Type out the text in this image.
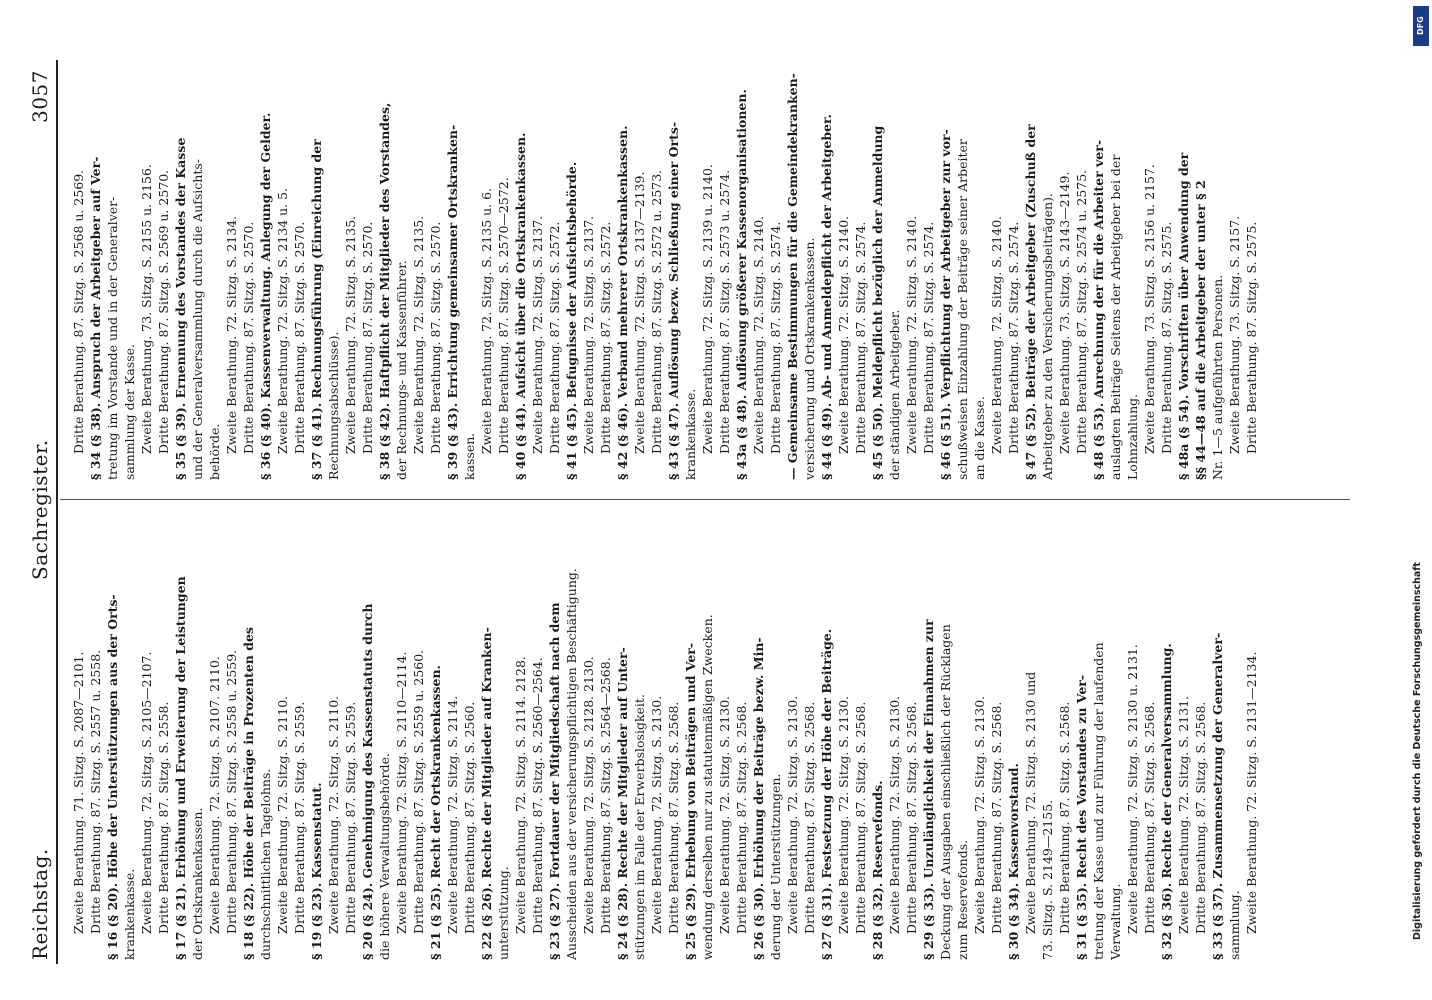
Reichstag.
Sachregister.
3057
Zweite Berathung. 71. Sitzg. S. 2087—2101. Dritte Berathung. 87. Sitzg. S. 2557 u. 2558. § 16 (§ 20). Höhe der Unterstützungen aus der Orts- krankenkasse. Zweite Berathung. 72. Sitzg. S. 2105—2107. Dritte Berathung. 87. Sitzg. S. 2558. § 17 (§ 21). Erhöhung und Erweiterung der Leistungen der Ortskrankenkassen. Zweite Berathung. 72. Sitzg. S. 2107. 2110. Dritte Berathung. 87. Sitzg. S. 2558 u. 2559. § 18 (§ 22). Höhe der Beiträge in Prozenten des durchschnittlichen Tagelohns. Zweite Berathung. 72. Sitzg. S. 2110. Dritte Berathung. 87. Sitzg. S. 2559. § 19 (§ 23). Kassenstatut. Zweite Berathung. 72. Sitzg. S. 2110. Dritte Berathung. 87. Sitzg. S. 2559. § 20 (§ 24). Genehmigung des Kassenstatuts durch die höhere Verwaltungsbehörde. Zweite Berathung. 72. Sitzg. S. 2110—2114. Dritte Berathung. 87. Sitzg. S. 2559 u. 2560. § 21 (§ 25). Recht der Ortskrankenkassen. Zweite Berathung. 72. Sitzg. S. 2114. Dritte Berathung. 87. Sitzg. S. 2560. § 22 (§ 26). Rechte der Mitglieder auf Kranken- unterstützung. Zweite Berathung. 72. Sitzg. S. 2114. 2128. Dritte Berathung. 87. Sitzg. S. 2560—2564. § 23 (§ 27). Fortdauer der Mitgliedschaft nach dem Ausscheiden aus der versicherungspflichtigen Beschäftigung. Zweite Berathung. 72. Sitzg. S. 2128. 2130. Dritte Berathung. 87. Sitzg. S. 2564—2568. § 24 (§ 28). Rechte der Mitglieder auf Unter- stützungen im Falle der Erwerbslosigkeit. Zweite Berathung. 72. Sitzg. S. 2130. Dritte Berathung. 87. Sitzg. S. 2568. § 25 (§ 29). Erhebung von Beiträgen und Ver- wendung derselben nur zu statutenmäßigen Zwecken. Zweite Berathung. 72. Sitzg. S. 2130. Dritte Berathung. 87. Sitzg. S. 2568. § 26 (§ 30). Erhöhung der Beiträge bezw. Min- derung der Unterstützungen. Zweite Berathung. 72. Sitzg. S. 2130. Dritte Berathung. 87. Sitzg. S. 2568. § 27 (§ 31). Festsetzung der Höhe der Beiträge. Zweite Berathung. 72. Sitzg. S. 2130. Dritte Berathung. 87. Sitzg. S. 2568. § 28 (§ 32). Reservefonds. Zweite Berathung. 72. Sitzg. S. 2130. Dritte Berathung. 87. Sitzg. S. 2568. § 29 (§ 33). Unzulänglichkeit der Einnahmen zur Deckung der Ausgaben einschließlich der Rücklagen zum Reservefonds. Zweite Berathung. 72. Sitzg. S. 2130. Dritte Berathung. 87. Sitzg. S. 2568. § 30 (§ 34). Kassenvorstand. Zweite Berathung. 72. Sitzg. S. 2130 und 73. Sitzg. S. 2149—2155. Dritte Berathung. 87. Sitzg. S. 2568. § 31 (§ 35). Recht des Vorstandes zu Ver- tretung der Kasse und zur Führung der laufenden Verwaltung. Zweite Berathung. 72. Sitzg. S. 2130 u. 2131. Dritte Berathung. 87. Sitzg. S. 2568. § 32 (§ 36). Rechte der Generalversammlung. Zweite Berathung. 72. Sitzg. S. 2131. Dritte Berathung. 87. Sitzg. S. 2568. § 33 (§ 37). Zusammensetzung der Generalver- sammlung. Zweite Berathung. 72. Sitzg. S. 2131—2134.
Dritte Berathung. 87. Sitzg. S. 2568 u. 2569. § 34 (§ 38). Anspruch der Arbeitgeber auf Ver- tretung im Vorstande und in der Generalver- sammlung der Kasse. Zweite Berathung. 73. Sitzg. S. 2155 u. 2156. Dritte Berathung. 87. Sitzg. S. 2569 u. 2570. § 35 (§ 39). Ernennung des Vorstandes der Kasse und der Generalversammlung durch die Aufsichts- behörde. Zweite Berathung. 72. Sitzg. S. 2134. Dritte Berathung. 87. Sitzg. S. 2570. § 36 (§ 40). Kassenverwaltung. Anlegung der Gelder. Zweite Berathung. 72. Sitzg. S. 2134 u. 5. Dritte Berathung. 87. Sitzg. S. 2570. § 37 (§ 41). Rechnungsführung (Einreichung der Rechnungsabschlüsse). Zweite Berathung. 72. Sitzg. S. 2135. Dritte Berathung. 87. Sitzg. S. 2570. § 38 (§ 42). Haftpflicht der Mitglieder des Vorstandes, der Rechnungs- und Kassenführer. Zweite Berathung. 72. Sitzg. S. 2135. Dritte Berathung. 87. Sitzg. S. 2570. § 39 (§ 43). Errichtung gemeinsamer Ortskranken- kassen.
Zweite Berathung. 72. Sitzg. S. 2135 u. 6. Dritte Berathung. 87. Sitzg. S. 2570—2572. § 40 (§ 44). Aufsicht über die Ortskrankenkassen. Zweite Berathung. 72. Sitzg. S. 2137. Dritte Berathung. 87. Sitzg. S. 2572. § 41 (§ 45). Befugnisse der Aufsichtsbehörde. Zweite Berathung. 72. Sitzg. S. 2137. Dritte Berathung. 87. Sitzg. S. 2572. § 42 (§ 46). Verband mehrerer Ortskrankenkassen. Zweite Berathung. 72. Sitzg. S. 2137—2139. Dritte Berathung. 87. Sitzg. S. 2572 u. 2573. § 43 (§ 47). Auflösung bezw. Schließung einer Orts- krankenkasse. Zweite Berathung. 72. Sitzg. S. 2139 u. 2140. Dritte Berathung. 87. Sitzg. S. 2573 u. 2574. § 43a (§ 48). Auflösung größerer Kassenorganisationen. Zweite Berathung. 72. Sitzg. S. 2140. Dritte Berathung. 87. Sitzg. S. 2574. — Gemeinsame Bestimmungen für die Gemeindekranken- versicherung und Ortskrankenkassen. § 44 (§ 49). Ab- und Anmeldepflicht der Arbeitgeber. Zweite Berathung. 72. Sitzg. S. 2140. Dritte Berathung. 87. Sitzg. S. 2574. § 45 (§ 50). Meldepflicht bezüglich der Anmeldung der ständigen Arbeitgeber. Zweite Berathung. 72. Sitzg. S. 2140. Dritte Berathung. 87. Sitzg. S. 2574. § 46 (§ 51). Verpflichtung der Arbeitgeber zur vor- schußweisen Einzahlung der Beiträge seiner Arbeiter an die Kasse. Zweite Berathung. 72. Sitzg. S. 2140. Dritte Berathung. 87. Sitzg. S. 2574. § 47 (§ 52). Beiträge der Arbeitgeber (Zuschuß der Arbeitgeber zu den Versicherungsbeiträgen). Zweite Berathung. 73. Sitzg. S. 2143—2149. Dritte Berathung. 87. Sitzg. S. 2574 u. 2575. § 48 (§ 53). Anrechnung der für die Arbeiter ver- auslagten Beiträge Seitens der Arbeitgeber bei der Lohnzahlung. Zweite Berathung. 73. Sitzg. S. 2156 u. 2157. Dritte Berathung. 87. Sitzg. S. 2575. § 48a (§ 54). Vorschriften über Anwendung der §§ 44—48 auf die Arbeitgeber der unter § 2 Nr. 1—5 aufgeführten Personen. Zweite Berathung. 73. Sitzg. S. 2157. Dritte Berathung. 87. Sitzg. S. 2575.
DFG
Digitalisierung gefördert durch die Deutsche Forschungsgemeinschaft
